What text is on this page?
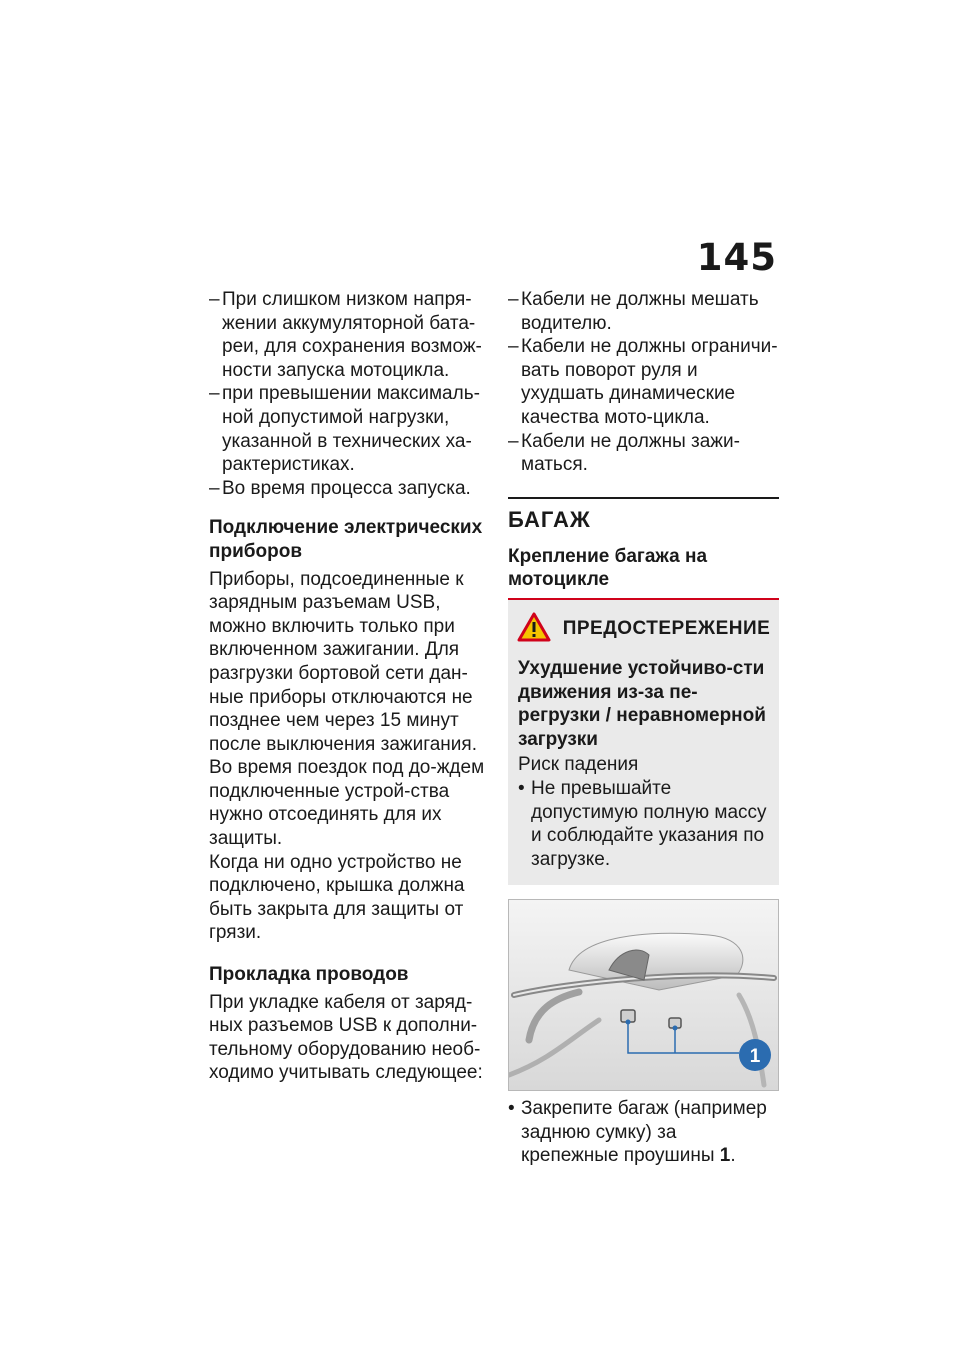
145
– При слишком низком напря-жении аккумуляторной бата-реи, для сохранения возмож-ности запуска мотоцикла.
– при превышении максималь-ной допустимой нагрузки, указанной в технических ха-рактеристиках.
– Во время процесса запуска.
Подключение электрических приборов

Приборы, подсоединенные к зарядным разъемам USB, можно включить только при включенном зажигании. Для разгрузки бортовой сети дан-ные приборы отключаются не позднее чем через 15 минут после выключения зажигания. Во время поездок под до-ждем подключенные устрой-ства нужно отсоединять для их защиты.

Когда ни одно устройство не подключено, крышка должна быть закрыта для защиты от грязи.

Прокладка проводов

При укладке кабеля от заряд-ных разъемов USB к дополни-тельному оборудованию необ-ходимо учитывать следующее:

– Кабели не должны мешать водителю.
– Кабели не должны ограничи-вать поворот руля и ухудшать динамические качества мото-цикла.
– Кабели не должны зажи-маться.
БАГАЖ
Крепление багажа на мотоцикле
ПРЕДОСТЕРЕЖЕНИЕ
Ухудшение устойчиво-сти движения из-за пе-регрузки / неравномерной загрузки
Риск падения
• Не превышайте допустимую полную массу и соблюдайте указания по загрузке.
1
• Закрепите багаж (например заднюю сумку) за крепежные проушины 1.
